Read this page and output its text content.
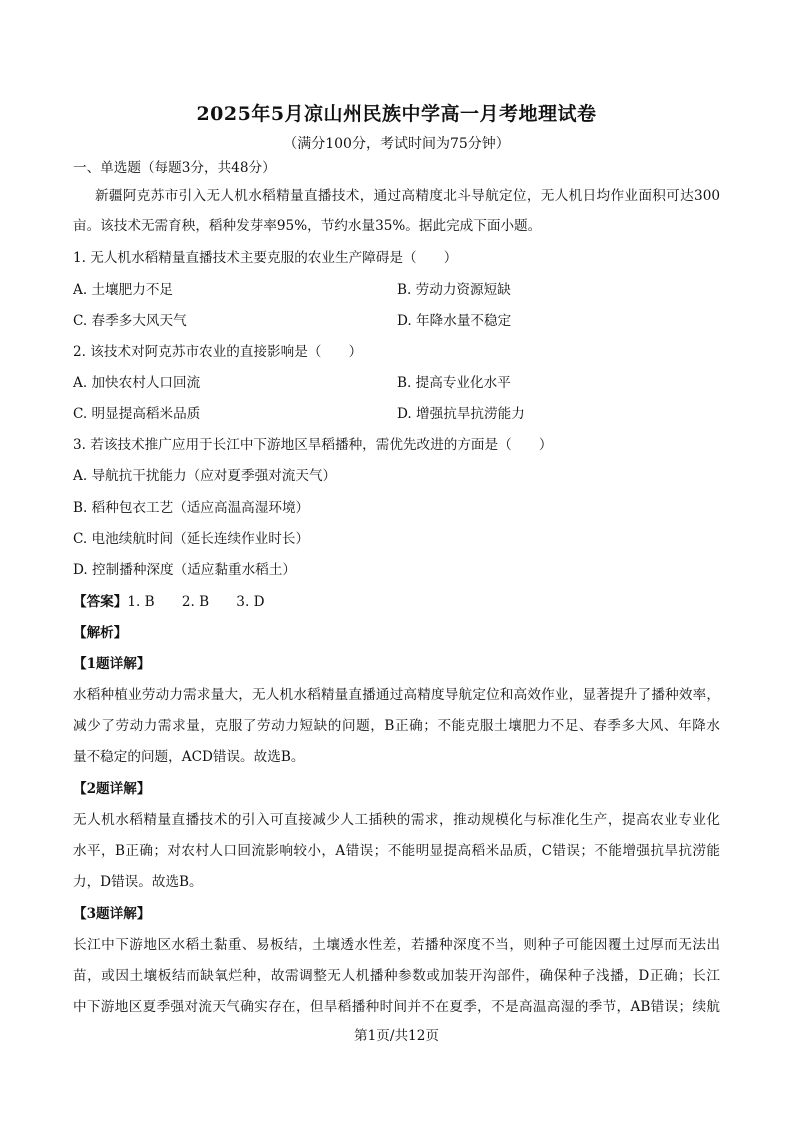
2025年5月凉山州民族中学高一月考地理试卷
（满分100分，考试时间为75分钟）
一、单选题（每题3分，共48分）
新疆阿克苏市引入无人机水稻精量直播技术，通过高精度北斗导航定位，无人机日均作业面积可达300
亩。该技术无需育秧，稻种发芽率95%，节约水量35%。据此完成下面小题。
1. 无人机水稻精量直播技术主要克服的农业生产障碍是（　　）
A. 土壤肥力不足	B. 劳动力资源短缺
C. 春季多大风天气	D. 年降水量不稳定
2. 该技术对阿克苏市农业的直接影响是（　　）
A. 加快农村人口回流	B. 提高专业化水平
C. 明显提高稻米品质	D. 增强抗旱抗涝能力
3. 若该技术推广应用于长江中下游地区旱稻播种，需优先改进的方面是（　　）
A. 导航抗干扰能力（应对夏季强对流天气）
B. 稻种包衣工艺（适应高温高湿环境）
C. 电池续航时间（延长连续作业时长）
D. 控制播种深度（适应黏重水稻土）
【答案】1. B　　2. B　　3. D
【解析】
【1题详解】
水稻种植业劳动力需求量大，无人机水稻精量直播通过高精度导航定位和高效作业，显著提升了播种效率，
减少了劳动力需求量，克服了劳动力短缺的问题，B正确；不能克服土壤肥力不足、春季多大风、年降水
量不稳定的问题，ACD错误。故选B。
【2题详解】
无人机水稻精量直播技术的引入可直接减少人工插秧的需求，推动规模化与标准化生产，提高农业专业化
水平，B正确；对农村人口回流影响较小，A错误；不能明显提高稻米品质，C错误；不能增强抗旱抗涝能
力，D错误。故选B。
【3题详解】
长江中下游地区水稻土黏重、易板结，土壤透水性差，若播种深度不当，则种子可能因覆土过厚而无法出
苗，或因土壤板结而缺氧烂种，故需调整无人机播种参数或加装开沟部件，确保种子浅播，D正确；长江
中下游地区夏季强对流天气确实存在，但旱稻播种时间并不在夏季，不是高温高湿的季节，AB错误；续航
第1页/共12页
